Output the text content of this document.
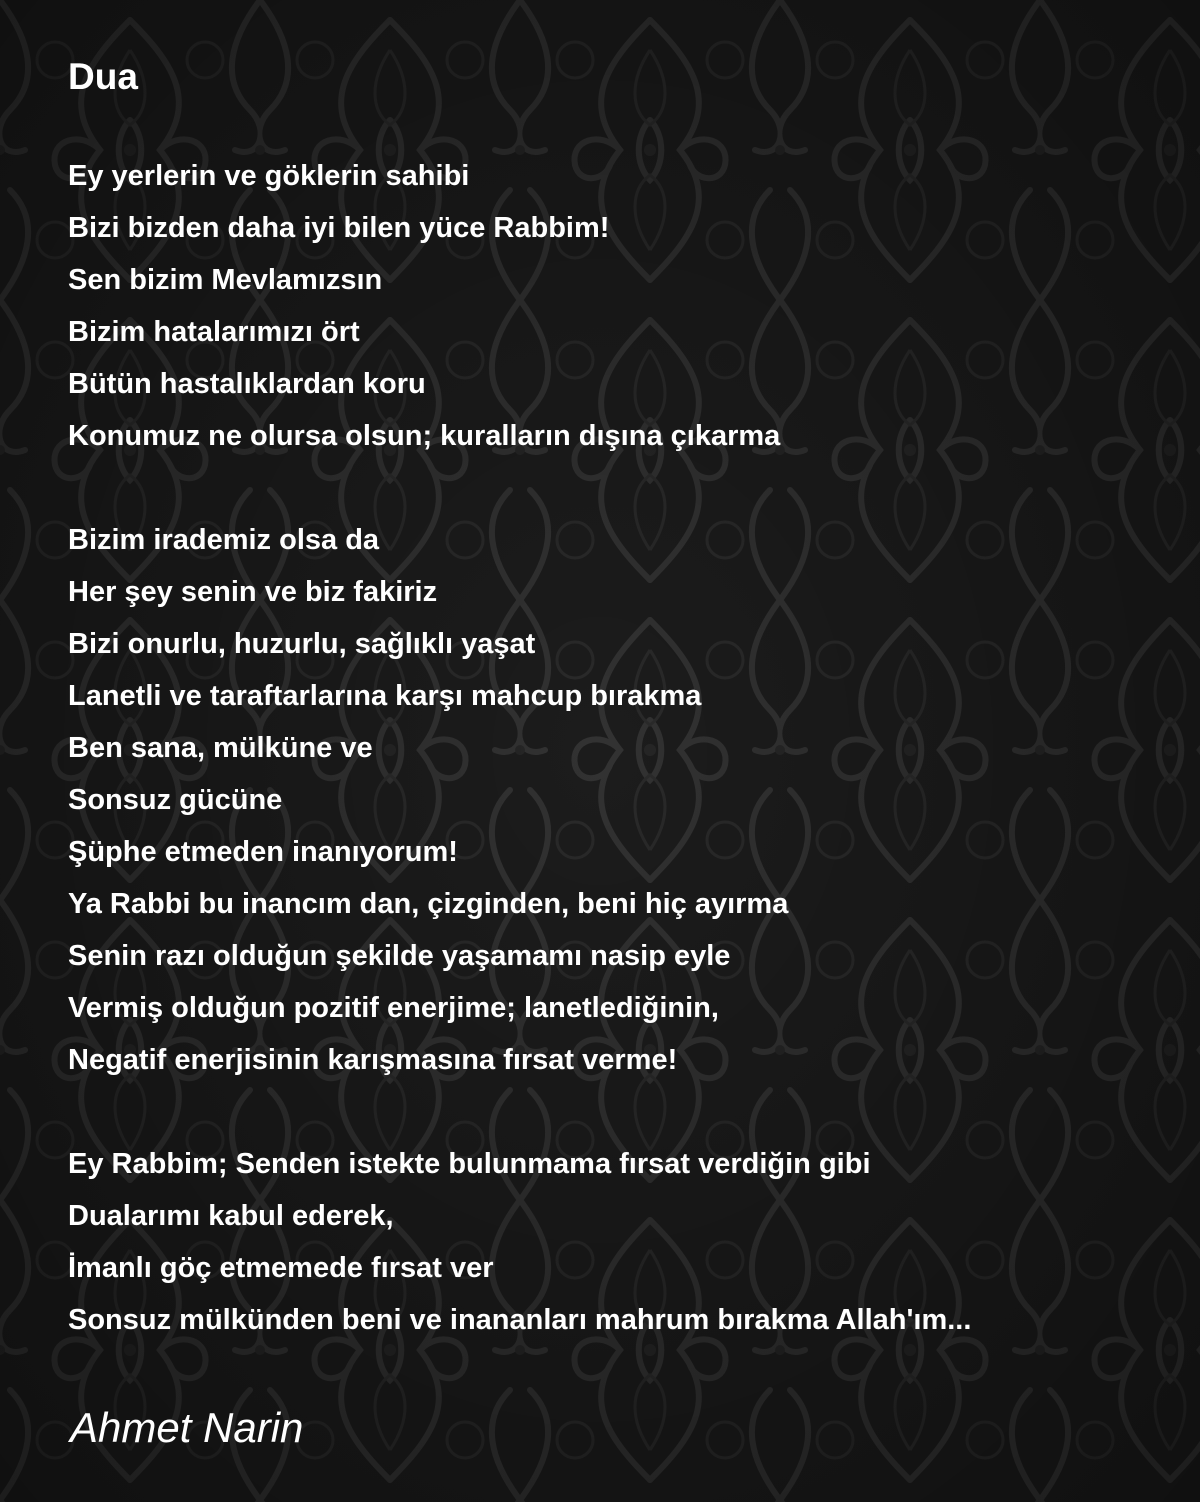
Dua
Ey yerlerin ve göklerin sahibi
Bizi bizden daha iyi bilen yüce Rabbim!
Sen bizim Mevlamızsın
Bizim hatalarımızı ört
Bütün hastalıklardan koru
Konumuz ne olursa olsun; kuralların dışına çıkarma
Bizim irademiz olsa da
Her şey senin ve biz fakiriz
Bizi onurlu, huzurlu, sağlıklı yaşat
Lanetli ve taraftarlarına karşı mahcup bırakma
Ben sana, mülküne ve
Sonsuz gücüne
Şüphe etmeden inanıyorum!
Ya Rabbi bu inancım dan, çizginden, beni hiç ayırma
Senin razı olduğun şekilde yaşamamı nasip eyle
Vermiş olduğun pozitif enerjime; lanetlediğinin,
Negatif enerjisinin karışmasına fırsat verme!
Ey Rabbim; Senden istekte bulunmama fırsat verdiğin gibi
Dualarımı kabul ederek,
İmanlı göç etmemede fırsat ver
Sonsuz mülkünden beni ve inananları mahrum bırakma Allah'ım...

Ahmet Narin
